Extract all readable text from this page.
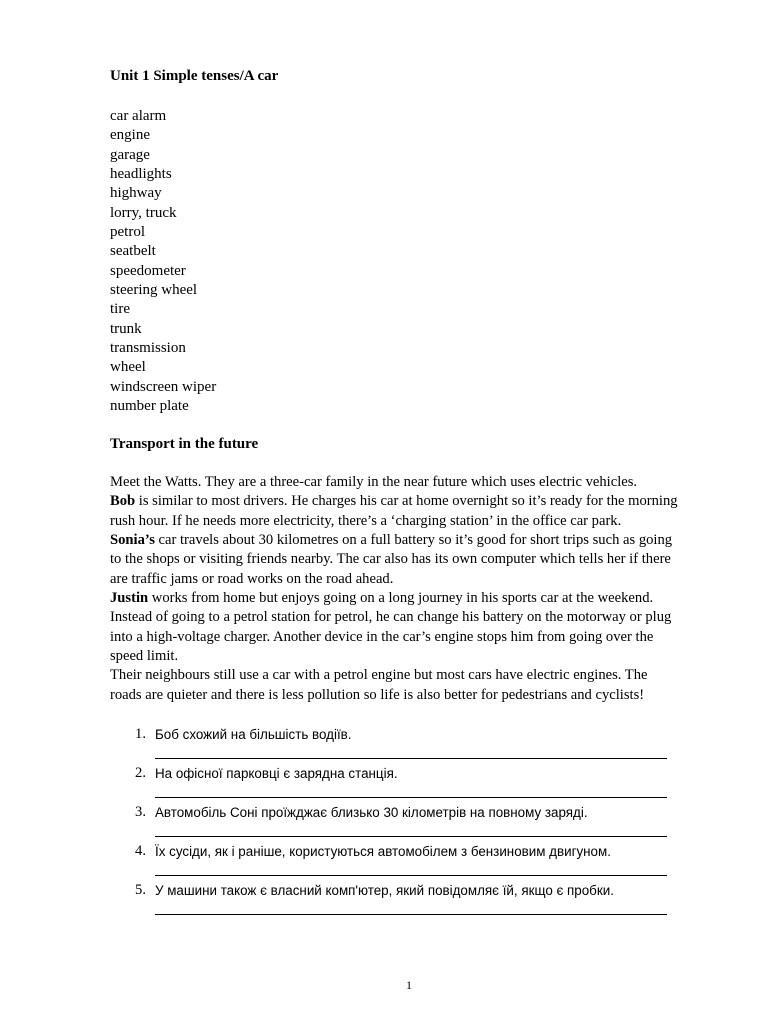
Unit 1 Simple tenses/A car
car alarm
engine
garage
headlights
highway
lorry, truck
petrol
seatbelt
speedometer
steering wheel
tire
trunk
transmission
wheel
windscreen wiper
number plate
Transport in the future
Meet the Watts. They are a three-car family in the near future which uses electric vehicles.
Bob is similar to most drivers. He charges his car at home overnight so it’s ready for the morning
rush hour. If he needs more electricity, there’s a ‘charging station’ in the office car park.
Sonia’s car travels about 30 kilometres on a full battery so it’s good for short trips such as going
to the shops or visiting friends nearby. The car also has its own computer which tells her if there
are traffic jams or road works on the road ahead.
Justin works from home but enjoys going on a long journey in his sports car at the weekend.
Instead of going to a petrol station for petrol, he can change his battery on the motorway or plug
into a high-voltage charger. Another device in the car’s engine stops him from going over the
speed limit.
Their neighbours still use a car with a petrol engine but most cars have electric engines. The
roads are quieter and there is less pollution so life is also better for pedestrians and cyclists!
1. Боб схожий на більшість водіїв.
2. На офісної парковці є зарядна станція.
3. Автомобіль Соні проїжджає близько 30 кілометрів на повному заряді.
4. Їх сусіди, як і раніше, користуються автомобілем з бензиновим двигуном.
5. У машини також є власний комп'ютер, який повідомляє їй, якщо є пробки.
1
